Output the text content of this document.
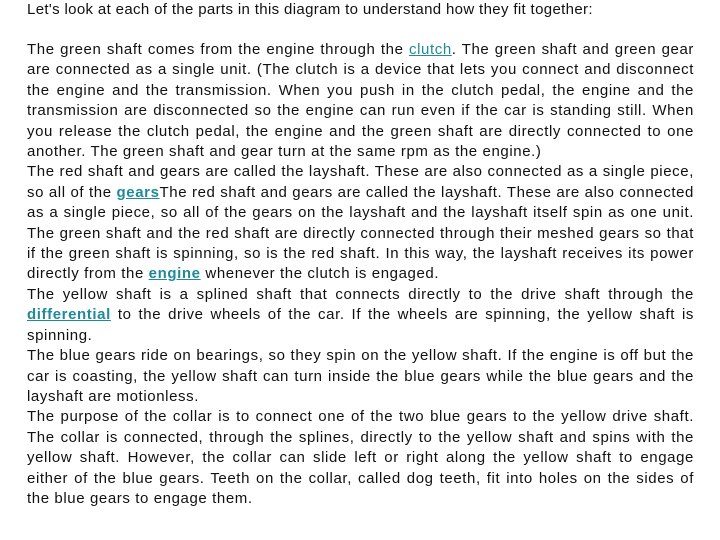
Let's look at each of the parts in this diagram to understand how they fit together:

The green shaft comes from the engine through the clutch. The green shaft and green gear are connected as a single unit. (The clutch is a device that lets you connect and disconnect the engine and the transmission. When you push in the clutch pedal, the engine and the transmission are disconnected so the engine can run even if the car is standing still. When you release the clutch pedal, the engine and the green shaft are directly connected to one another. The green shaft and gear turn at the same rpm as the engine.)

The red shaft and gears are called the layshaft. These are also connected as a single piece, so all of the gearsThe red shaft and gears are called the layshaft. These are also connected as a single piece, so all of the gears on the layshaft and the layshaft itself spin as one unit. The green shaft and the red shaft are directly connected through their meshed gears so that if the green shaft is spinning, so is the red shaft. In this way, the layshaft receives its power directly from the engine whenever the clutch is engaged.

The yellow shaft is a splined shaft that connects directly to the drive shaft through the differential to the drive wheels of the car. If the wheels are spinning, the yellow shaft is spinning.

The blue gears ride on bearings, so they spin on the yellow shaft. If the engine is off but the car is coasting, the yellow shaft can turn inside the blue gears while the blue gears and the layshaft are motionless.

The purpose of the collar is to connect one of the two blue gears to the yellow drive shaft. The collar is connected, through the splines, directly to the yellow shaft and spins with the yellow shaft. However, the collar can slide left or right along the yellow shaft to engage either of the blue gears. Teeth on the collar, called dog teeth, fit into holes on the sides of the blue gears to engage them.
